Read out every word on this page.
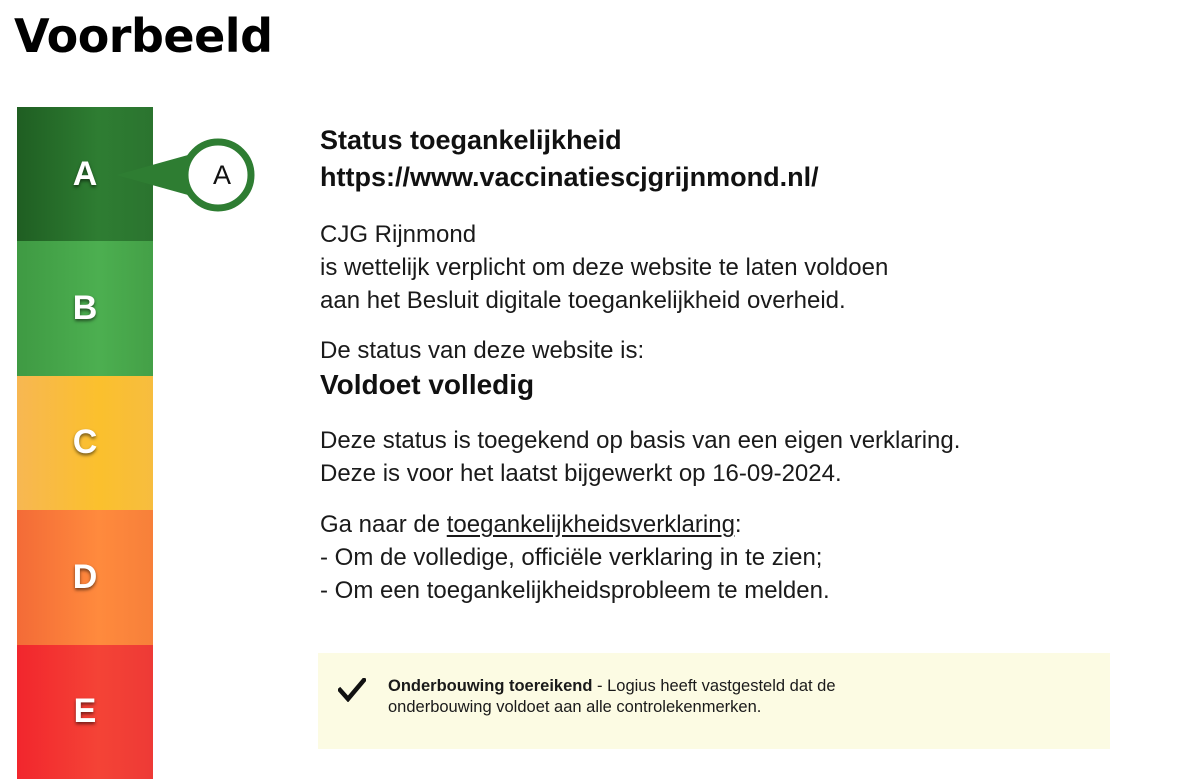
Voorbeeld
A
B
C
D
E
A
Status toegankelijkheid
https://www.vaccinatiescjgrijnmond.nl/
CJG Rijnmond
is wettelijk verplicht om deze website te laten voldoen
aan het Besluit digitale toegankelijkheid overheid.
De status van deze website is:
Voldoet volledig
Deze status is toegekend op basis van een eigen verklaring.
Deze is voor het laatst bijgewerkt op 16-09-2024.
Ga naar de toegankelijkheidsverklaring:
- Om de volledige, officiële verklaring in te zien;
- Om een toegankelijkheidsprobleem te melden.
Onderbouwing toereikend - Logius heeft vastgesteld dat de
onderbouwing voldoet aan alle controlekenmerken.
